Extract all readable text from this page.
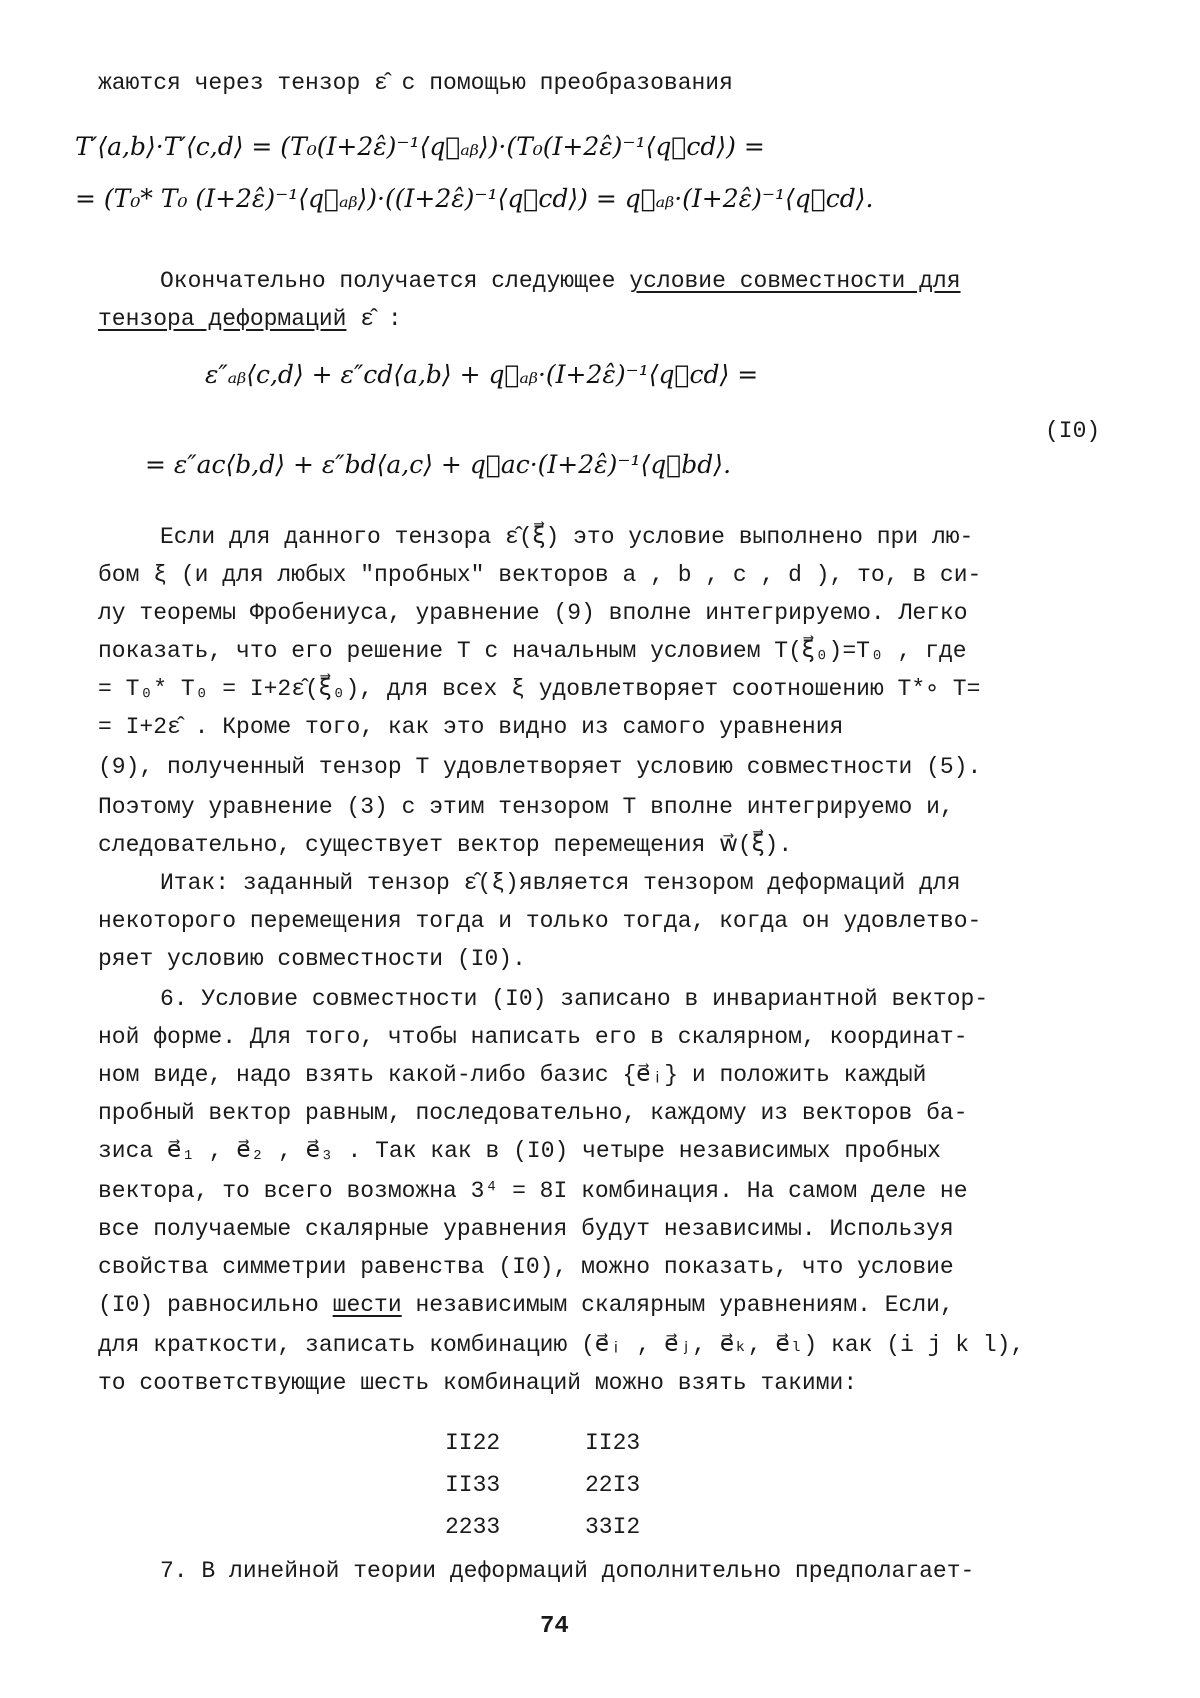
жаются через тензор ε̂ с помощью преобразования
T′⟨a,b⟩·T′⟨c,d⟩ = (T₀(I+2ε̂)⁻¹⟨q⃗ₐᵦ⟩)·(T₀(I+2ε̂)⁻¹⟨q⃗cd⟩) =
= (T₀* T₀ (I+2ε̂)⁻¹⟨q⃗ₐᵦ⟩)·((I+2ε̂)⁻¹⟨q⃗cd⟩) = q⃗ₐᵦ·(I+2ε̂)⁻¹⟨q⃗cd⟩.
Окончательно получается следующее условие совместности для
тензора деформаций ε̂ :
ε″ₐᵦ⟨c,d⟩ + ε″cd⟨a,b⟩ + q⃗ₐᵦ·(I+2ε̂)⁻¹⟨q⃗cd⟩ =
= ε″ac⟨b,d⟩ + ε″bd⟨a,c⟩ + q⃗ac·(I+2ε̂)⁻¹⟨q⃗bd⟩.
(I0)
Если для данного тензора ε̂(ξ⃗) это условие выполнено при лю-
бом ξ (и для любых "пробных" векторов a , b , c , d ), то, в си-
лу теоремы Фробениуса, уравнение (9) вполне интегрируемо. Легко
показать, что его решение T с начальным условием T(ξ⃗₀)=T₀ , где
= T₀* T₀ = I+2ε̂(ξ⃗₀), для всех ξ удовлетворяет соотношению T*∘ T=
= I+2ε̂ . Кроме того, как это видно из самого уравнения
(9), полученный тензор T удовлетворяет условию совместности (5).
Поэтому уравнение (3) с этим тензором T вполне интегрируемо и,
следовательно, существует вектор перемещения w⃗(ξ⃗).
Итак: заданный тензор ε̂(ξ)является тензором деформаций для
некоторого перемещения тогда и только тогда, когда он удовлетво-
ряет условию совместности (I0).
6. Условие совместности (I0) записано в инвариантной вектор-
ной форме. Для того, чтобы написать его в скалярном, координат-
ном виде, надо взять какой-либо базис {e⃗ᵢ} и положить каждый
пробный вектор равным, последовательно, каждому из векторов ба-
зиса e⃗₁ , e⃗₂ , e⃗₃ . Так как в (I0) четыре независимых пробных
вектора, то всего возможна 3⁴ = 8I комбинация. На самом деле не
все получаемые скалярные уравнения будут независимы. Используя
свойства симметрии равенства (I0), можно показать, что условие
(I0) равносильно шести независимым скалярным уравнениям. Если,
для краткости, записать комбинацию (e⃗ᵢ , e⃗ⱼ, e⃗ₖ, e⃗ₗ) как (i j k l),
то соответствующие шесть комбинаций можно взять такими:
II22	II23
II33	22I3
2233	33I2
7. В линейной теории деформаций дополнительно предполагает-
74
